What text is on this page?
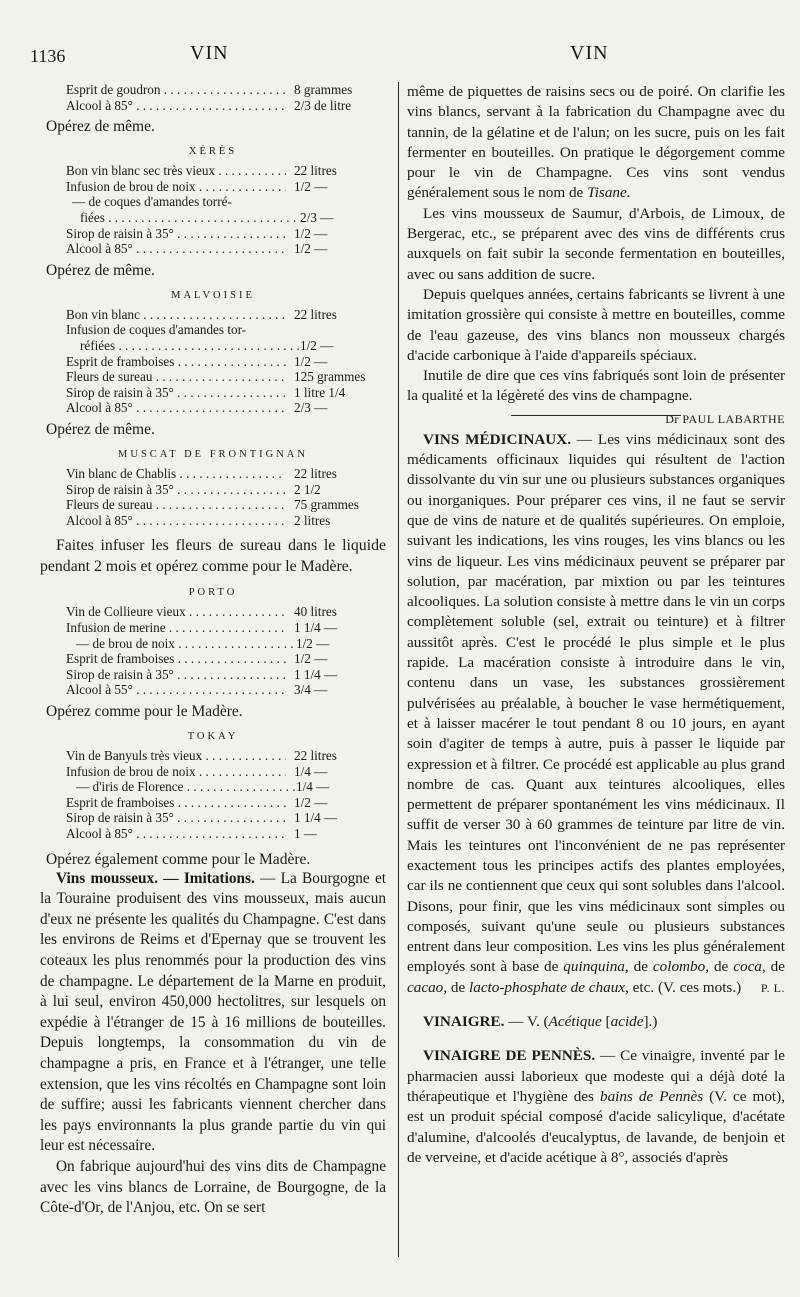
1136	VIN	VIN
Esprit de goudron . . .	8 grammes
Alcool à 85° . . .	2/3 de litre
Opérez de même.
XÉRÈS
Bon vin blanc sec très vieux . . .	22 litres
Infusion de brou de noix . . .	1/2 —
— de coques d'amandes torré-
fiées . . .	2/3 —
Sirop de raisin à 35° . . .	1/2 —
Alcool à 85° . . .	1/2 —
Opérez de même.
MALVOISIE
Bon vin blanc . . .	22 litres
Infusion de coques d'amandes tor-
réfiées . . .	1/2 —
Esprit de framboises . . .	1/2 —
Fleurs de sureau . . .	125 grammes
Sirop de raisin à 35° . . .	1 litre 1/4
Alcool à 85° . . .	2/3 —
Opérez de même.
MUSCAT DE FRONTIGNAN
Vin blanc de Chablis . . .	22 litres
Sirop de raisin à 35° . . .	2 1/2
Fleurs de sureau . . .	75 grammes
Alcool à 85° . . .	2 litres
Faites infuser les fleurs de sureau dans le liquide pendant 2 mois et opérez comme pour le Madère.
PORTO
Vin de Collieure vieux . . .	40 litres
Infusion de merine . . .	1 1/4 —
— de brou de noix . . .	1/2 —
Esprit de framboises . . .	1/2 —
Sirop de raisin à 35° . . .	1 1/4 —
Alcool à 55° . . .	3/4 —
Opérez comme pour le Madère.
TOKAY
Vin de Banyuls très vieux . . .	22 litres
Infusion de brou de noix . . .	1/4 —
— d'iris de Florence . . .	1/4 —
Esprit de framboises . . .	1/2 —
Sirop de raisin à 35° . . .	1 1/4 —
Alcool à 85° . . .	1 —
Opérez également comme pour le Madère.
Vins mousseux. — Imitations. — La Bourgogne et la Touraine produisent des vins mousseux, mais aucun d'eux ne présente les qualités du Champagne. C'est dans les environs de Reims et d'Epernay que se trouvent les coteaux les plus renommés pour la production des vins de champagne. Le département de la Marne en produit, à lui seul, environ 450,000 hectolitres, sur lesquels on expédie à l'étranger de 15 à 16 millions de bouteilles. Depuis longtemps, la consommation du vin de champagne a pris, en France et à l'étranger, une telle extension, que les vins récoltés en Champagne sont loin de suffire; aussi les fabricants viennent chercher dans les pays environnants la plus grande partie du vin qui leur est nécessaire.
On fabrique aujourd'hui des vins dits de Champagne avec les vins blancs de Lorraine, de Bourgogne, de la Côte-d'Or, de l'Anjou, etc. On se sert
même de piquettes de raisins secs ou de poiré. On clarifie les vins blancs, servant à la fabrication du Champagne avec du tannin, de la gélatine et de l'alun; on les sucre, puis on les fait fermenter en bouteilles. On pratique le dégorgement comme pour le vin de Champagne. Ces vins sont vendus généralement sous le nom de Tisane.
Les vins mousseux de Saumur, d'Arbois, de Limoux, de Bergerac, etc., se préparent avec des vins de différents crus auxquels on fait subir la seconde fermentation en bouteilles, avec ou sans addition de sucre.
Depuis quelques années, certains fabricants se livrent à une imitation grossière qui consiste à mettre en bouteilles, comme de l'eau gazeuse, des vins blancs non mousseux chargés d'acide carbonique à l'aide d'appareils spéciaux.
Inutile de dire que ces vins fabriqués sont loin de présenter la qualité et la légèreté des vins de champagne.
Dr PAUL LABARTHE
VINS MÉDICINAUX. — Les vins médicinaux sont des médicaments officinaux liquides qui résultent de l'action dissolvante du vin sur une ou plusieurs substances organiques ou inorganiques. Pour préparer ces vins, il ne faut se servir que de vins de nature et de qualités supérieures. On emploie, suivant les indications, les vins rouges, les vins blancs ou les vins de liqueur. Les vins médicinaux peuvent se préparer par solution, par macération, par mixtion ou par les teintures alcooliques. La solution consiste à mettre dans le vin un corps complètement soluble (sel, extrait ou teinture) et à filtrer aussitôt après. C'est le procédé le plus simple et le plus rapide. La macération consiste à introduire dans le vin, contenu dans un vase, les substances grossièrement pulvérisées au préalable, à boucher le vase hermétiquement, et à laisser macérer le tout pendant 8 ou 10 jours, en ayant soin d'agiter de temps à autre, puis à passer le liquide par expression et à filtrer. Ce procédé est applicable au plus grand nombre de cas. Quant aux teintures alcooliques, elles permettent de préparer spontanément les vins médicinaux. Il suffit de verser 30 à 60 grammes de teinture par litre de vin. Mais les teintures ont l'inconvénient de ne pas représenter exactement tous les principes actifs des plantes employées, car ils ne contiennent que ceux qui sont solubles dans l'alcool. Disons, pour finir, que les vins médicinaux sont simples ou composés, suivant qu'une seule ou plusieurs substances entrent dans leur composition. Les vins les plus généralement employés sont à base de quinquina, de colombo, de coca, de cacao, de lacto-phosphate de chaux, etc. (V. ces mots.)	P. L.
VINAIGRE. — V. (Acétique [acide].)
VINAIGRE DE PENNÈS. — Ce vinaigre, inventé par le pharmacien aussi laborieux que modeste qui a déjà doté la thérapeutique et l'hygiène des bains de Pennès (V. ce mot), est un produit spécial composé d'acide salicylique, d'acétate d'alumine, d'alcoolés d'eucalyptus, de lavande, de benjoin et de verveine, et d'acide acétique à 8°, associés d'après
